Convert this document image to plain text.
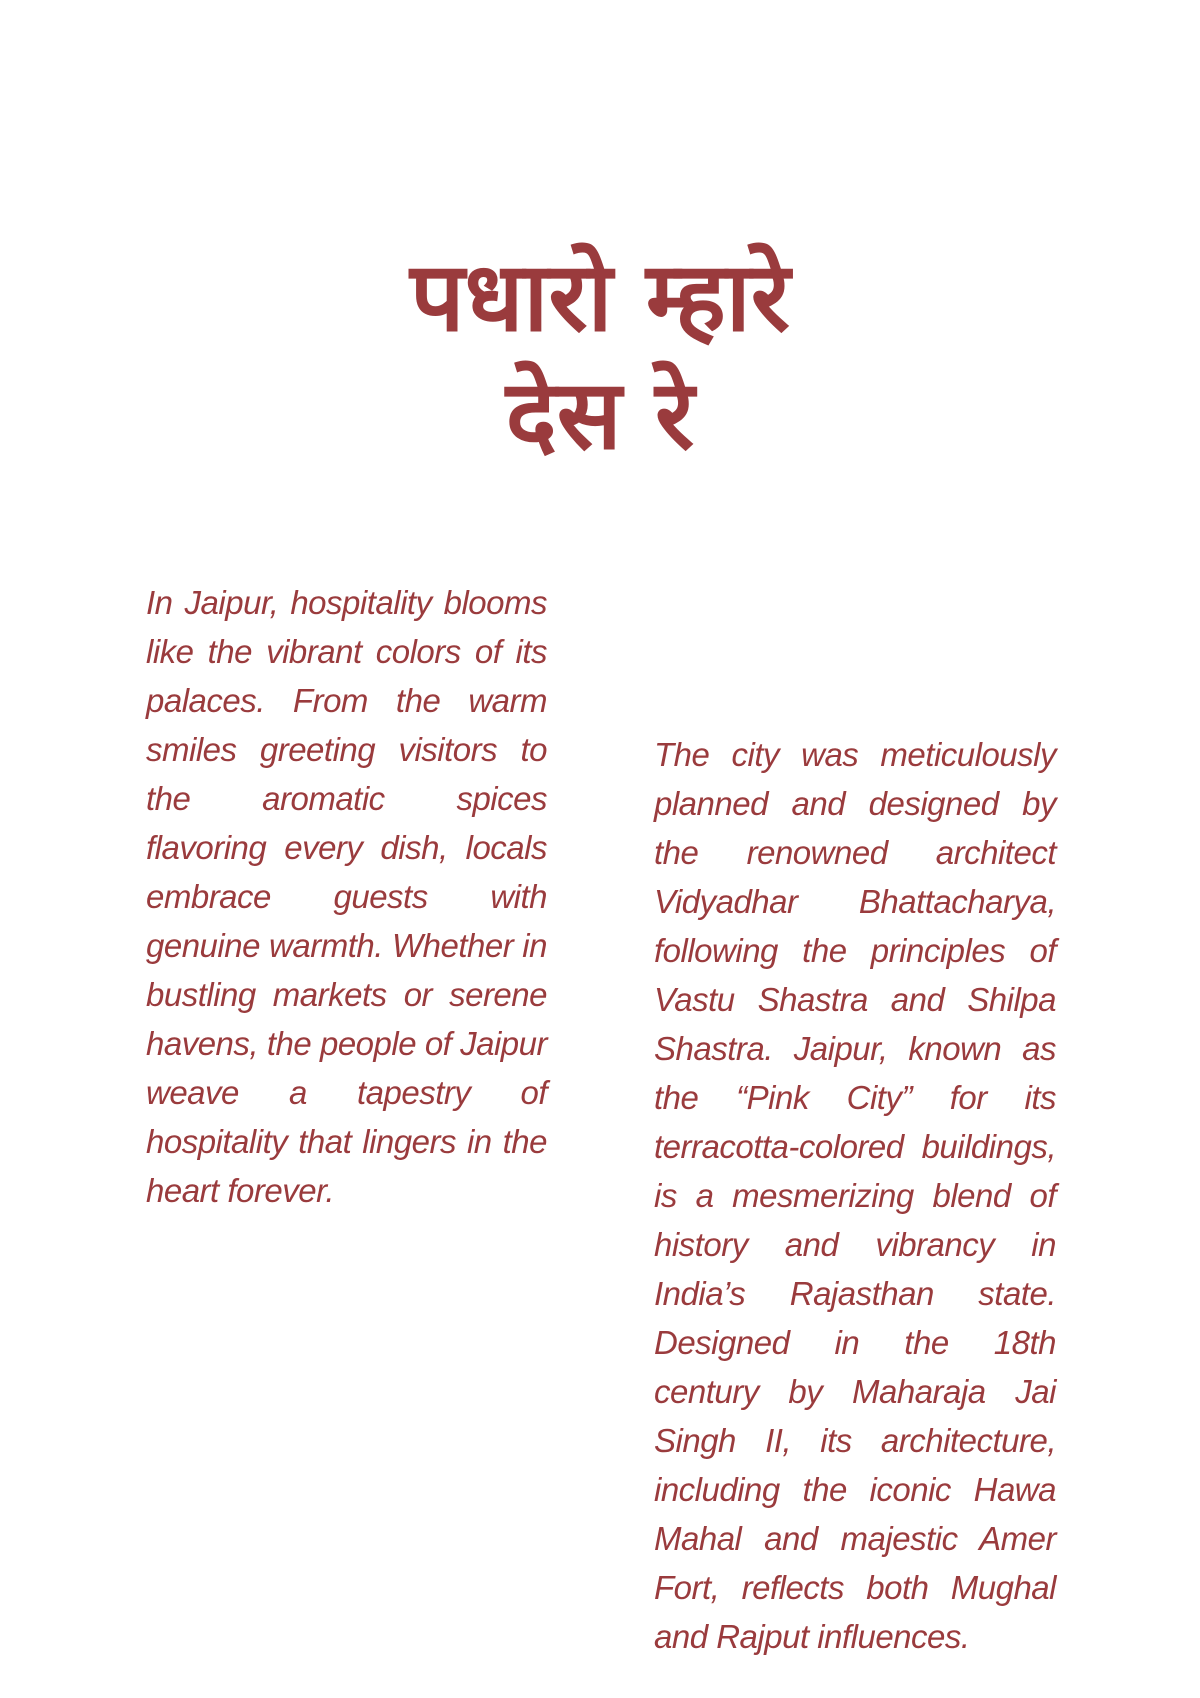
पधारो म्हारे
देस रे

In Jaipur, hospitality blooms like the vibrant colors of its palaces. From the warm smiles greeting visitors to the aromatic spices flavoring every dish, locals embrace guests with genuine warmth. Whether in bustling markets or serene havens, the people of Jaipur weave a tapestry of hospitality that lingers in the heart forever.

The city was meticulously planned and designed by the renowned architect Vidyadhar Bhattacharya, following the principles of Vastu Shastra and Shilpa Shastra. Jaipur, known as the “Pink City” for its terracotta-colored buildings, is a mesmerizing blend of history and vibrancy in India’s Rajasthan state. Designed in the 18th century by Maharaja Jai Singh II, its architecture, including the iconic Hawa Mahal and majestic Amer Fort, reflects both Mughal and Rajput influences.
